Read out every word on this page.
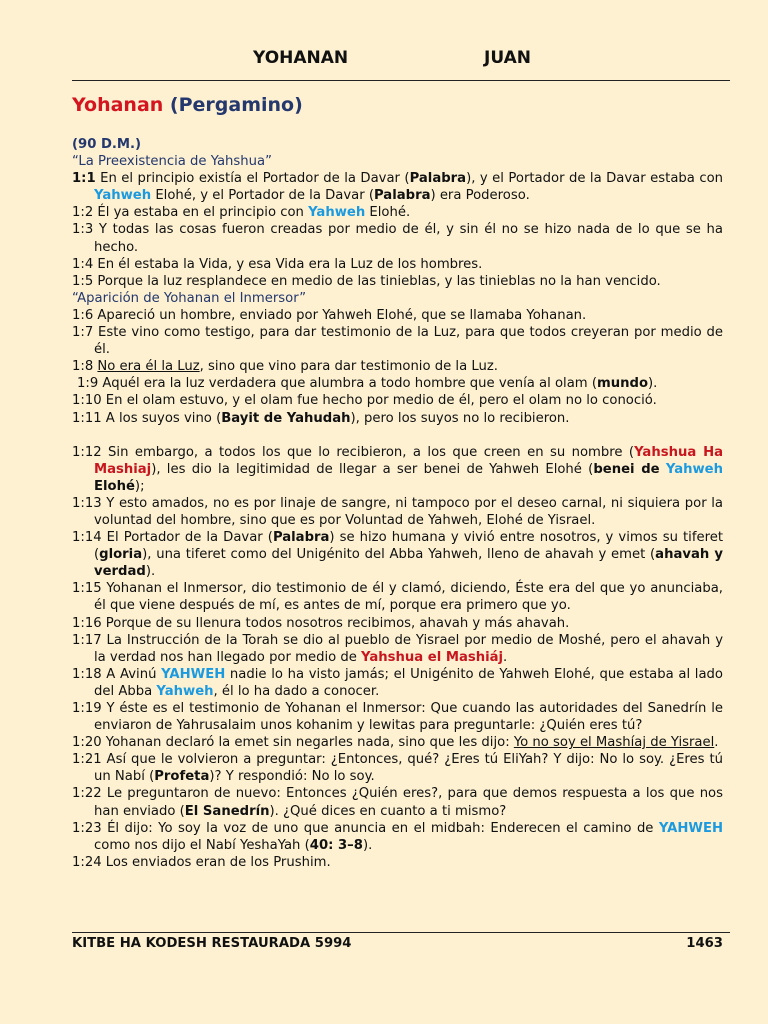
YOHANAN	JUAN
Yohanan (Pergamino)
(90 D.M.)
“La Preexistencia de Yahshua”
1:1 En el principio existía el Portador de la Davar (Palabra), y el Portador de la Davar estaba con Yahweh Elohé, y el Portador de la Davar (Palabra) era Poderoso.
1:2 Él ya estaba en el principio con Yahweh Elohé.
1:3 Y todas las cosas fueron creadas por medio de él, y sin él no se hizo nada de lo que se ha hecho.
1:4 En él estaba la Vida, y esa Vida era la Luz de los hombres.
1:5 Porque la luz resplandece en medio de las tinieblas, y las tinieblas no la han vencido.
“Aparición de Yohanan el Inmersor”
1:6 Apareció un hombre, enviado por Yahweh Elohé, que se llamaba Yohanan.
1:7 Este vino como testigo, para dar testimonio de la Luz, para que todos creyeran por medio de él.
1:8 No era él la Luz, sino que vino para dar testimonio de la Luz.
1:9 Aquél era la luz verdadera que alumbra a todo hombre que venía al olam (mundo).
1:10 En el olam estuvo, y el olam fue hecho por medio de él, pero el olam no lo conoció.
1:11 A los suyos vino (Bayit de Yahudah), pero los suyos no lo recibieron.
1:12 Sin embargo, a todos los que lo recibieron, a los que creen en su nombre (Yahshua Ha Mashiaj), les dio la legitimidad de llegar a ser benei de Yahweh Elohé (benei de Yahweh Elohé);
1:13 Y esto amados, no es por linaje de sangre, ni tampoco por el deseo carnal, ni siquiera por la voluntad del hombre, sino que es por Voluntad de Yahweh, Elohé de Yisrael.
1:14 El Portador de la Davar (Palabra) se hizo humana y vivió entre nosotros, y vimos su tiferet (gloria), una tiferet como del Unigénito del Abba Yahweh, lleno de ahavah y emet (ahavah y verdad).
1:15 Yohanan el Inmersor, dio testimonio de él y clamó, diciendo, Éste era del que yo anunciaba, él que viene después de mí, es antes de mí, porque era primero que yo.
1:16 Porque de su llenura todos nosotros recibimos, ahavah y más ahavah.
1:17 La Instrucción de la Torah se dio al pueblo de Yisrael por medio de Moshé, pero el ahavah y la verdad nos han llegado por medio de Yahshua el Mashiáj.
1:18 A Avinú YAHWEH nadie lo ha visto jamás; el Unigénito de Yahweh Elohé, que estaba al lado del Abba Yahweh, él lo ha dado a conocer.
1:19 Y éste es el testimonio de Yohanan el Inmersor: Que cuando las autoridades del Sanedrín le enviaron de Yahrusalaim unos kohanim y lewitas para preguntarle: ¿Quién eres tú?
1:20 Yohanan declaró la emet sin negarles nada, sino que les dijo: Yo no soy el Mashíaj de Yisrael.
1:21 Así que le volvieron a preguntar: ¿Entonces, qué? ¿Eres tú EliYah? Y dijo: No lo soy. ¿Eres tú un Nabí (Profeta)? Y respondió: No lo soy.
1:22 Le preguntaron de nuevo: Entonces ¿Quién eres?, para que demos respuesta a los que nos han enviado (El Sanedrín). ¿Qué dices en cuanto a ti mismo?
1:23 Él dijo: Yo soy la voz de uno que anuncia en el midbah: Enderecen el camino de YAHWEH como nos dijo el Nabí YeshaYah (40: 3–8).
1:24 Los enviados eran de los Prushim.
KITBE HA KODESH RESTAURADA 5994	1463
